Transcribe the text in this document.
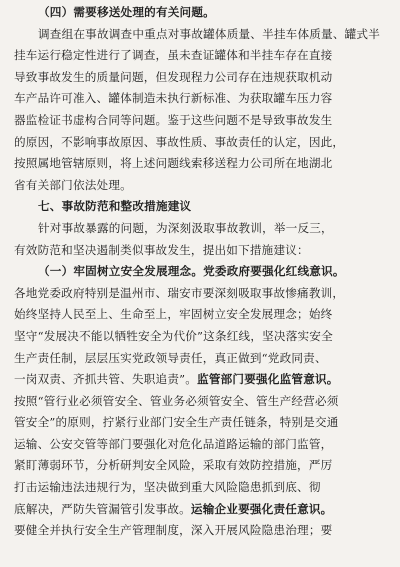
（四）需要移送处理的有关问题。
调查组在事故调查中重点对事故罐体质量、半挂车体质量、罐式半
挂车运行稳定性进行了调查，虽未查证罐体和半挂车存在直接
导致事故发生的质量问题，但发现程力公司存在违规获取机动
车产品许可准入、罐体制造未执行新标准、为获取罐车压力容
器监检证书虚构合同等问题。鉴于这些问题不是导致事故发生
的原因，不影响事故原因、事故性质、事故责任的认定，因此，
按照属地管辖原则，将上述问题线索移送程力公司所在地湖北
省有关部门依法处理。
七、事故防范和整改措施建议
针对事故暴露的问题，为深刻汲取事故教训，举一反三，
有效防范和坚决遏制类似事故发生，提出如下措施建议：
（一）牢固树立安全发展理念。党委政府要强化红线意识。
各地党委政府特别是温州市、瑞安市要深刻吸取事故惨痛教训，
始终坚持人民至上、生命至上，牢固树立安全发展理念；始终
坚守“发展决不能以牺牲安全为代价”这条红线，坚决落实安全
生产责任制，层层压实党政领导责任，真正做到“党政同责、
一岗双责、齐抓共管、失职追责”。监管部门要强化监管意识。
按照“管行业必须管安全、管业务必须管安全、管生产经营必须
管安全”的原则，拧紧行业部门安全生产责任链条，特别是交通
运输、公安交管等部门要强化对危化品道路运输的部门监管，
紧盯薄弱环节，分析研判安全风险，采取有效防控措施，严厉
打击运输违法违规行为，坚决做到重大风险隐患抓到底、彻
底解决，严防失管漏管引发事故。运输企业要强化责任意识。
要健全并执行安全生产管理制度，深入开展风险隐患治理；要
